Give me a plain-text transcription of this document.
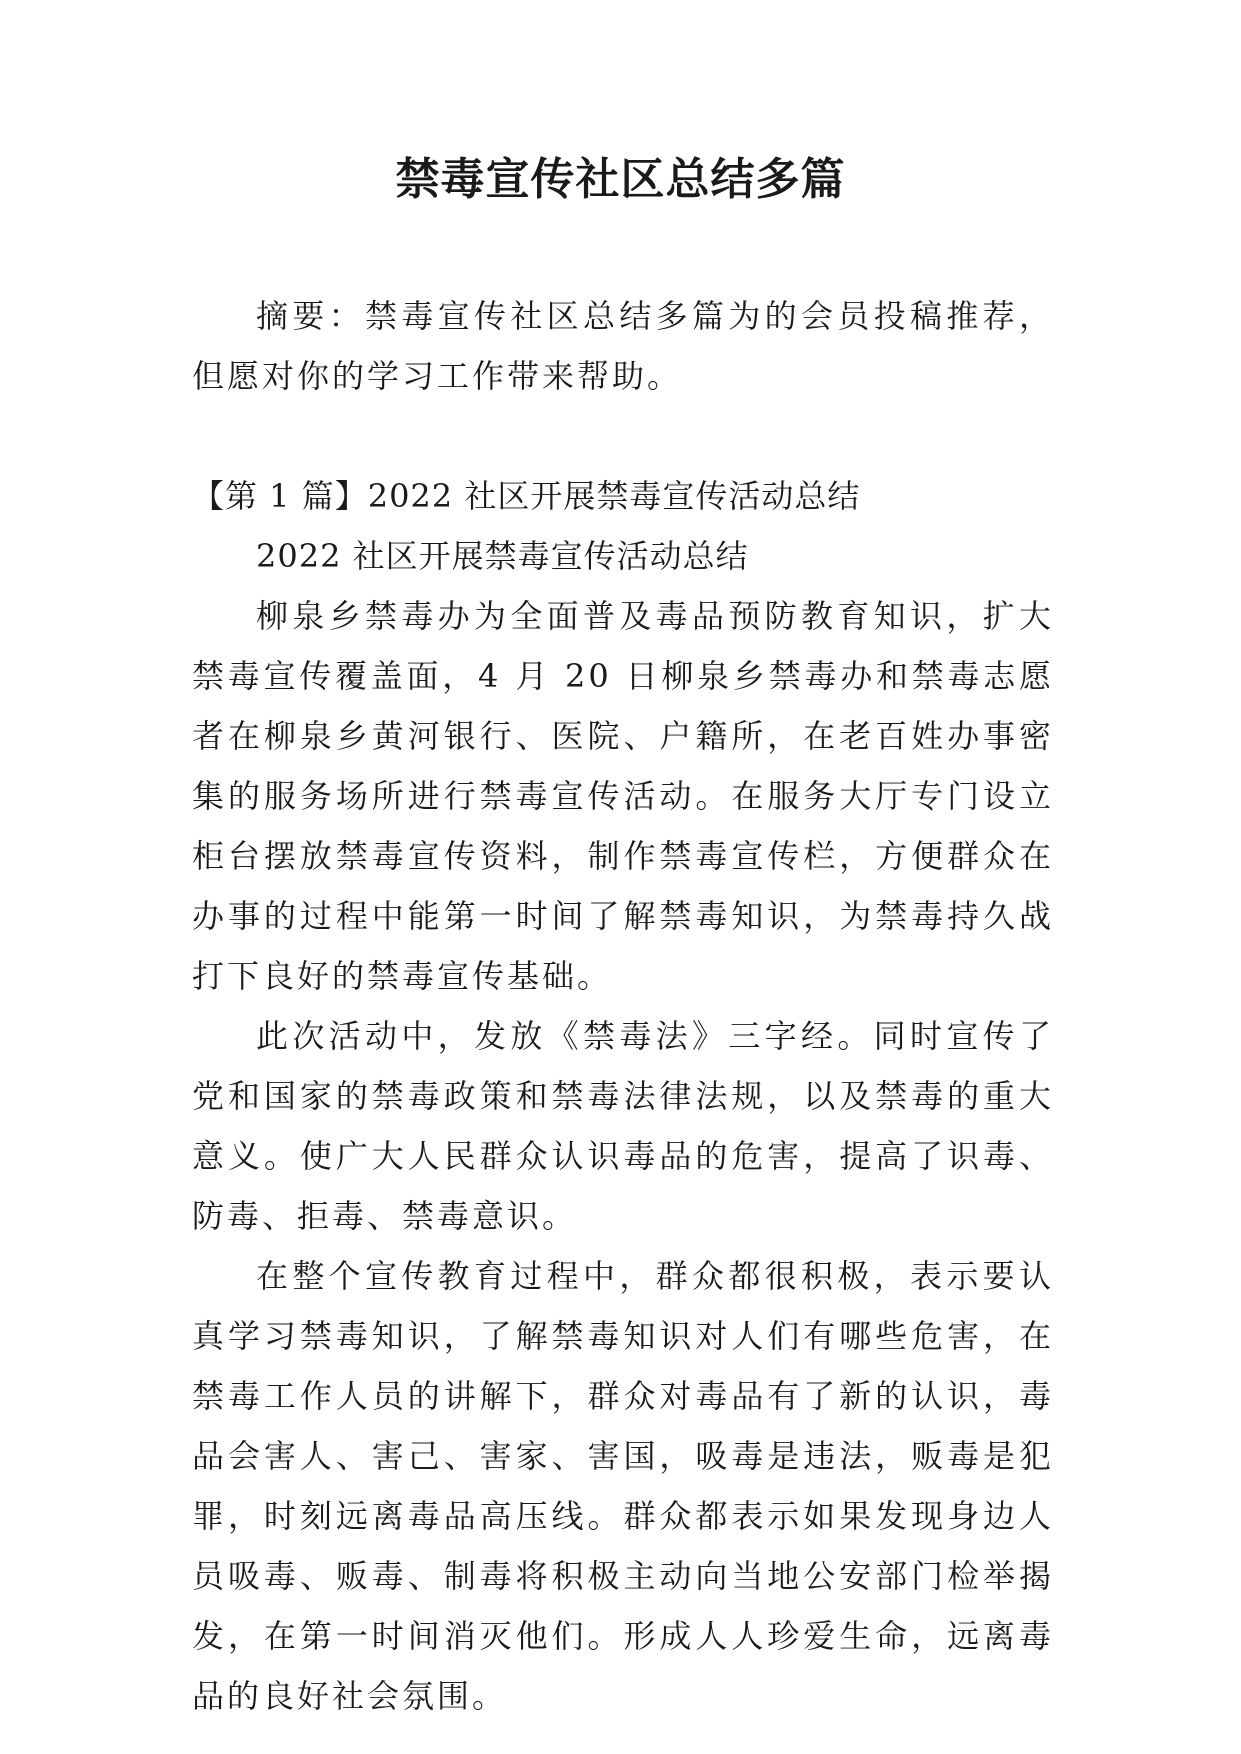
禁毒宣传社区总结多篇

摘要：禁毒宣传社区总结多篇为的会员投稿推荐，但愿对你的学习工作带来帮助。

【第 1 篇】2022 社区开展禁毒宣传活动总结

2022 社区开展禁毒宣传活动总结

柳泉乡禁毒办为全面普及毒品预防教育知识，扩大禁毒宣传覆盖面，4 月 20 日柳泉乡禁毒办和禁毒志愿者在柳泉乡黄河银行、医院、户籍所，在老百姓办事密集的服务场所进行禁毒宣传活动。在服务大厅专门设立柜台摆放禁毒宣传资料，制作禁毒宣传栏，方便群众在办事的过程中能第一时间了解禁毒知识，为禁毒持久战打下良好的禁毒宣传基础。

此次活动中，发放《禁毒法》三字经。同时宣传了党和国家的禁毒政策和禁毒法律法规，以及禁毒的重大意义。使广大人民群众认识毒品的危害，提高了识毒、防毒、拒毒、禁毒意识。

在整个宣传教育过程中，群众都很积极，表示要认真学习禁毒知识，了解禁毒知识对人们有哪些危害，在禁毒工作人员的讲解下，群众对毒品有了新的认识，毒品会害人、害己、害家、害国，吸毒是违法，贩毒是犯罪，时刻远离毒品高压线。群众都表示如果发现身边人员吸毒、贩毒、制毒将积极主动向当地公安部门检举揭发，在第一时间消灭他们。形成人人珍爱生命，远离毒品的良好社会氛围。
